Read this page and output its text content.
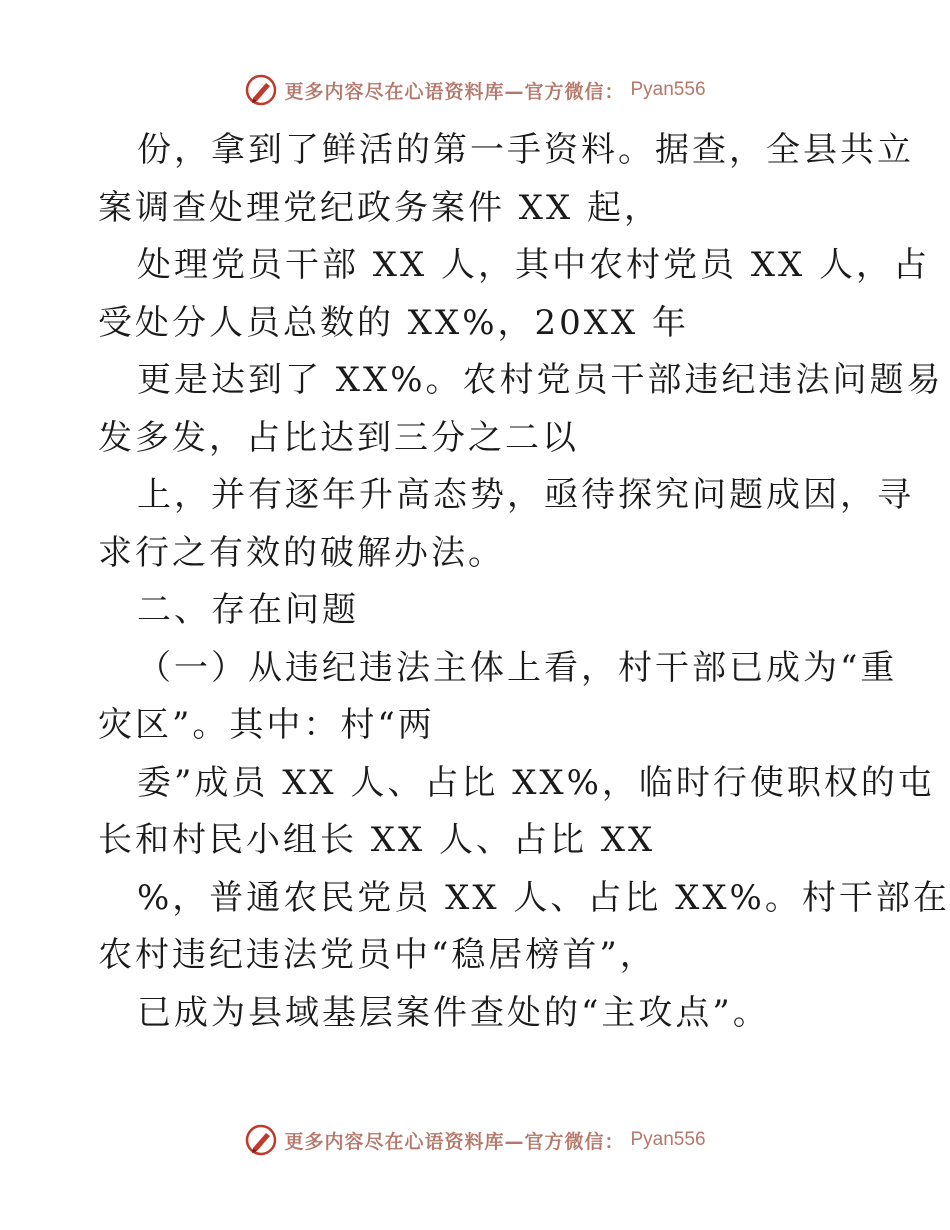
更多内容尽在心语资料库—官方微信： Pyan556
份，拿到了鲜活的第一手资料。据查，全县共立
案调查处理党纪政务案件 XX 起，
处理党员干部 XX 人，其中农村党员 XX 人，占
受处分人员总数的 XX%，20XX 年
更是达到了 XX%。农村党员干部违纪违法问题易
发多发，占比达到三分之二以
上，并有逐年升高态势，亟待探究问题成因，寻
求行之有效的破解办法。
二、存在问题
（一）从违纪违法主体上看，村干部已成为“重
灾区”。其中：村“两
委”成员 XX 人、占比 XX%，临时行使职权的屯
长和村民小组长 XX 人、占比 XX
%，普通农民党员 XX 人、占比 XX%。村干部在
农村违纪违法党员中“稳居榜首”，
已成为县域基层案件查处的“主攻点”。
更多内容尽在心语资料库—官方微信： Pyan556
